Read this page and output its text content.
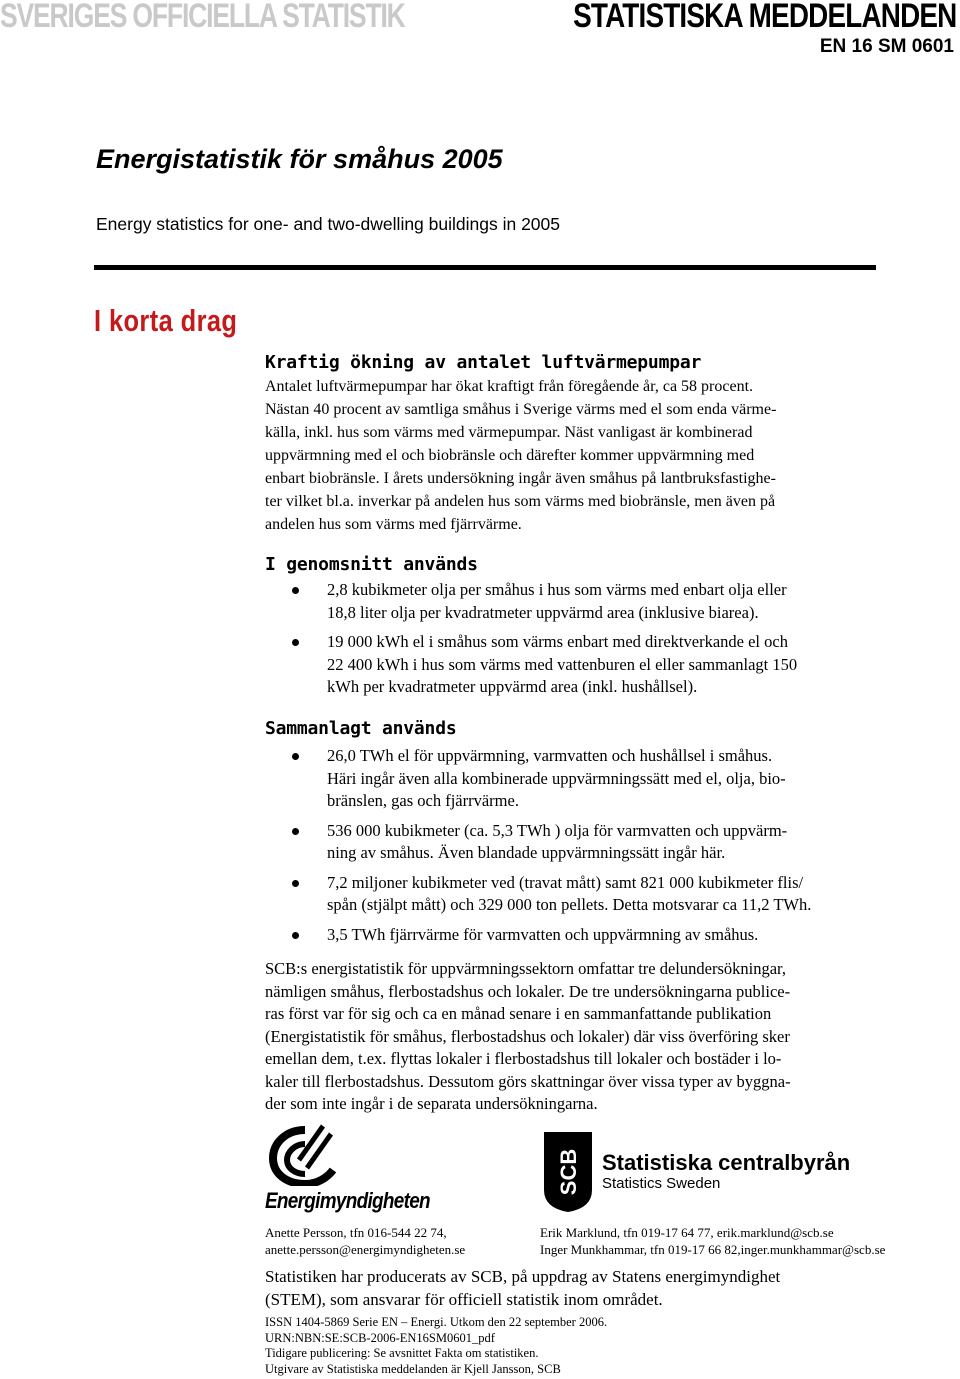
SVERIGES OFFICIELLA STATISTIK	STATISTISKA MEDDELANDEN
EN 16 SM 0601
Energistatistik för småhus 2005
Energy statistics for one- and two-dwelling buildings in 2005
I korta drag
Kraftig ökning av antalet luftvärmepumpar
Antalet luftvärmepumpar har ökat kraftigt från föregående år, ca 58 procent.
Nästan 40 procent av samtliga småhus i Sverige värms med el som enda värme-
källa, inkl. hus som värms med värmepumpar. Näst vanligast är kombinerad
uppvärmning med el och biobränsle och därefter kommer uppvärmning med
enbart biobränsle. I årets undersökning ingår även småhus på lantbruksfastighe-
ter vilket bl.a. inverkar på andelen hus som värms med biobränsle, men även på
andelen hus som värms med fjärrvärme.
I genomsnitt används
2,8 kubikmeter olja per småhus i hus som värms med enbart olja eller
18,8 liter olja per kvadratmeter uppvärmd area (inklusive biarea).
19 000 kWh el i småhus som värms enbart med direktverkande el och
22 400 kWh i hus som värms med vattenburen el eller sammanlagt 150
kWh per kvadratmeter uppvärmd area (inkl. hushållsel).
Sammanlagt används
26,0 TWh el för uppvärmning, varmvatten och hushållsel i småhus.
Häri ingår även alla kombinerade uppvärmningssätt med el, olja, bio-
bränslen, gas och fjärrvärme.
536 000 kubikmeter (ca. 5,3 TWh ) olja för varmvatten och uppvärm-
ning av småhus. Även blandade uppvärmningssätt ingår här.
7,2 miljoner kubikmeter ved (travat mått) samt 821 000 kubikmeter flis/
spån (stjälpt mått) och 329 000 ton pellets. Detta motsvarar ca 11,2 TWh.
3,5 TWh fjärrvärme för varmvatten och uppvärmning av småhus.
SCB:s energistatistik för uppvärmningssektorn omfattar tre delundersökningar,
nämligen småhus, flerbostadshus och lokaler. De tre undersökningarna publice-
ras först var för sig och ca en månad senare i en sammanfattande publikation
(Energistatistik för småhus, flerbostadshus och lokaler) där viss överföring sker
emellan dem, t.ex. flyttas lokaler i flerbostadshus till lokaler och bostäder i lo-
kaler till flerbostadshus. Dessutom görs skattningar över vissa typer av byggna-
der som inte ingår i de separata undersökningarna.
Energimyndigheten
SCB Statistiska centralbyrån
Statistics Sweden
Anette Persson, tfn 016-544 22 74,
anette.persson@energimyndigheten.se
Erik Marklund, tfn 019-17 64 77, erik.marklund@scb.se
Inger Munkhammar, tfn 019-17 66 82,inger.munkhammar@scb.se
Statistiken har producerats av SCB, på uppdrag av Statens energimyndighet
(STEM), som ansvarar för officiell statistik inom området.
ISSN 1404-5869 Serie EN – Energi. Utkom den 22 september 2006.
URN:NBN:SE:SCB-2006-EN16SM0601_pdf
Tidigare publicering: Se avsnittet Fakta om statistiken.
Utgivare av Statistiska meddelanden är Kjell Jansson, SCB
